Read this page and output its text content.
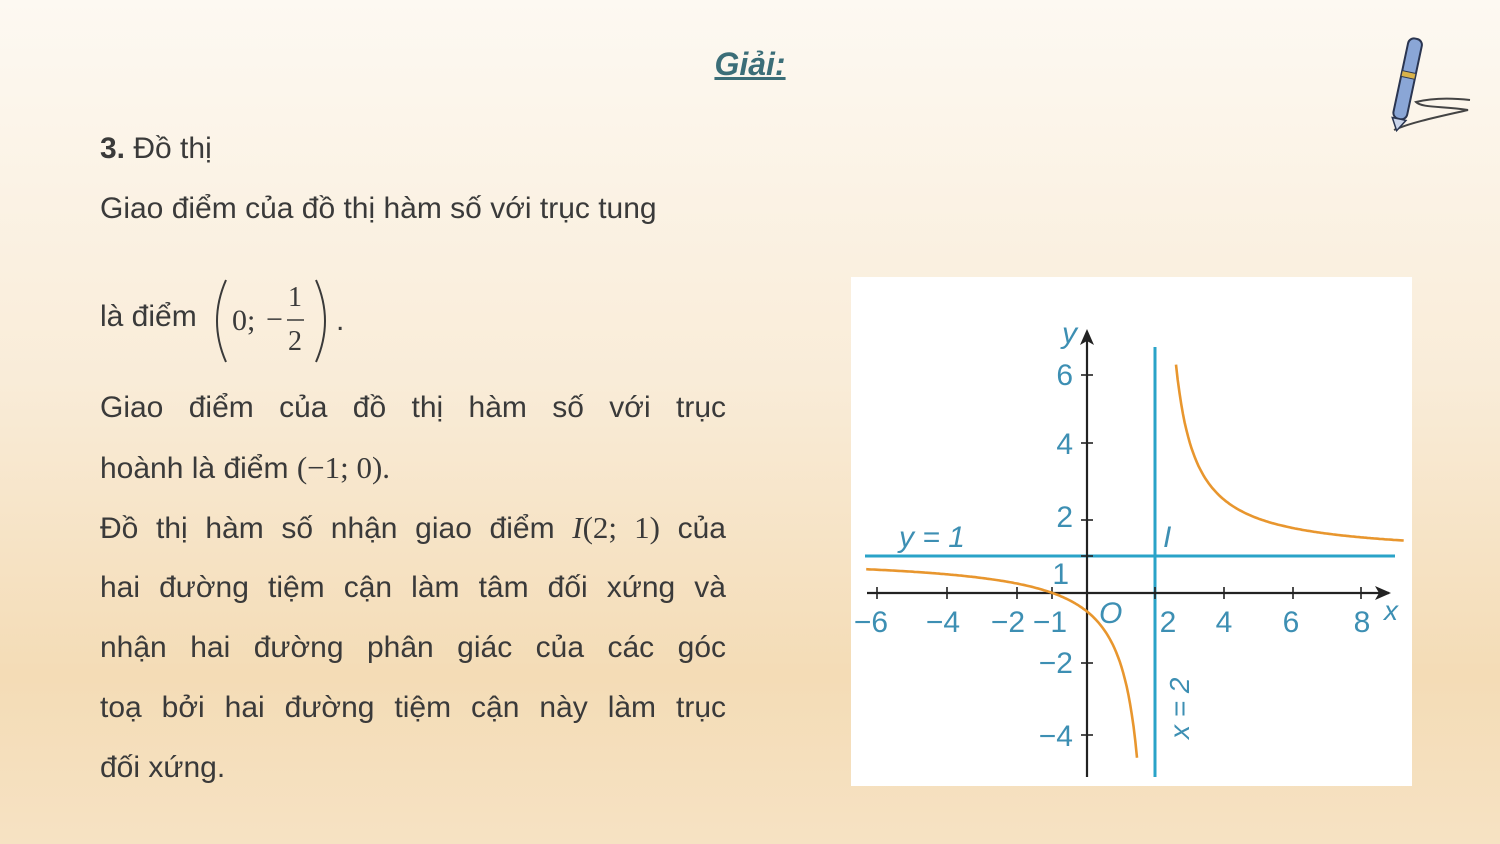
Giải:
3. Đồ thị
Giao điểm của đồ thị hàm số với trục tung
là điểm 0; −
1
2
.
Giao điểm của đồ thị hàm số với trục
hoành là điểm (−1; 0).
Đồ thị hàm số nhận giao điểm I(2; 1) của
hai đường tiệm cận làm tâm đối xứng và
nhận hai đường phân giác của các góc
toạ bởi hai đường tiệm cận này làm trục
đối xứng.
−6 −4 −2 −1	2 4 6 8
6
4
2
1
−2
−4
y
x
O
y = 1	I
x = 2
